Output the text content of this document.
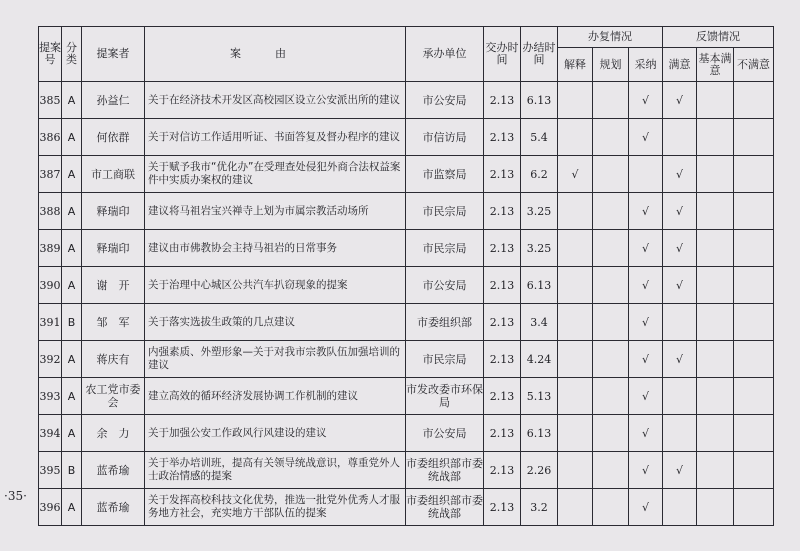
·35·
提案号	分类	提案者	案由	承办单位	交办时间	办结时间	办复情况			反馈情况		
							解释	规划	采纳	满意	基本满意	不满意
385	A	孙益仁	关于在经济技术开发区高校园区设立公安派出所的建议	市公安局	2.13	6.13			√	√		
386	A	何依群	关于对信访工作适用听证、书面答复及督办程序的建议	市信访局	2.13	5.4			√			
387	A	市工商联	关于赋予我市“优化办”在受理查处侵犯外商合法权益案件中实质办案权的建议	市监察局	2.13	6.2	√			√		
388	A	释瑞印	建议将马祖岩宝兴禅寺上划为市属宗教活动场所	市民宗局	2.13	3.25			√	√		
389	A	释瑞印	建议由市佛教协会主持马祖岩的日常事务	市民宗局	2.13	3.25			√	√		
390	A	谢　开	关于治理中心城区公共汽车扒窃现象的提案	市公安局	2.13	6.13			√	√		
391	B	邹　军	关于落实选拔生政策的几点建议	市委组织部	2.13	3.4			√			
392	A	蒋庆有	内强素质、外塑形象—关于对我市宗教队伍加强培训的建议	市民宗局	2.13	4.24			√	√		
393	A	农工党市委会	建立高效的循环经济发展协调工作机制的建议	市发改委市环保局	2.13	5.13			√			
394	A	余　力	关于加强公安工作政风行风建设的建议	市公安局	2.13	6.13			√			
395	B	蓝希瑜	关于举办培训班，提高有关领导统战意识，尊重党外人士政治情感的提案	市委组织部市委统战部	2.13	2.26			√	√		
396	A	蓝希瑜	关于发挥高校科技文化优势，推选一批党外优秀人才服务地方社会，充实地方干部队伍的提案	市委组织部市委统战部	2.13	3.2			√			
